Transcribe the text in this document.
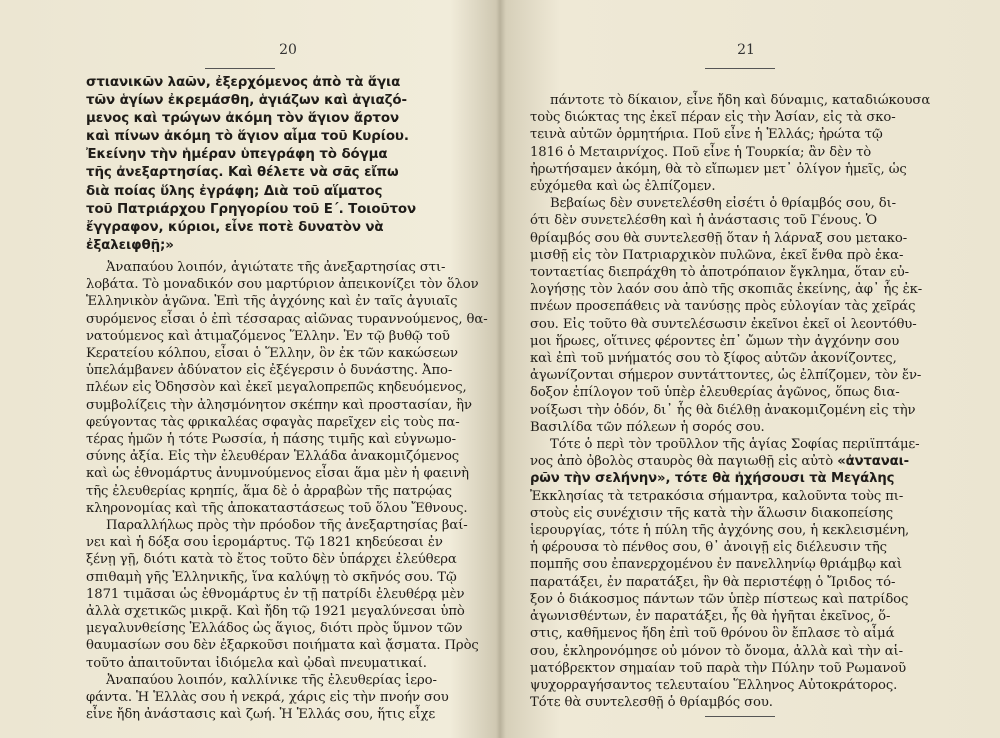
20
στιανικῶν λαῶν, ἐξερχόμενος ἀπὸ τὰ ἅγια
τῶν ἁγίων ἐκρεμάσθη, ἁγιάζων καὶ ἁγιαζό-
μενος καὶ τρώγων ἀκόμη τὸν ἅγιον ἄρτον
καὶ πίνων ἀκόμη τὸ ἅγιον αἷμα τοῦ Κυρίου.
Ἐκείνην τὴν ἡμέραν ὑπεγράφη τὸ δόγμα
τῆς ἀνεξαρτησίας. Καὶ θέλετε νὰ σᾶς εἴπω
διὰ ποίας ὕλης ἐγράφη; Διὰ τοῦ αἵματος
τοῦ Πατριάρχου Γρηγορίου τοῦ Ε΄. Τοιοῦτον
ἔγγραφον, κύριοι, εἶνε ποτὲ δυνατὸν νὰ
ἐξαλειφθῇ;»
Ἀναπαύου λοιπόν, ἁγιώτατε τῆς ἀνεξαρτησίας στι-
λοβάτα. Τὸ μοναδικόν σου μαρτύριον ἀπεικονίζει τὸν ὅλον
Ἑλληνικὸν ἀγῶνα. Ἐπὶ τῆς ἀγχόνης καὶ ἐν ταῖς ἀγυιαῖς
συρόμενος εἶσαι ὁ ἐπὶ τέσσαρας αἰῶνας τυραννούμενος, θα-
νατούμενος καὶ ἀτιμαζόμενος Ἕλλην. Ἐν τῷ βυθῷ τοῦ
Κερατείου κόλπου, εἶσαι ὁ Ἕλλην, ὃν ἐκ τῶν κακώσεων
ὑπελάμβανεν ἀδύνατον εἰς ἐξέγερσιν ὁ δυνάστης. Ἀπο-
πλέων εἰς Ὀδησσὸν καὶ ἐκεῖ μεγαλοπρεπῶς κηδευόμενος,
συμβολίζεις τὴν ἀλησμόνητον σκέπην καὶ προστασίαν, ἣν
φεύγοντας τὰς φρικαλέας σφαγὰς παρεῖχεν εἰς τοὺς πα-
τέρας ἡμῶν ἡ τότε Ρωσσία, ἡ πάσης τιμῆς καὶ εὐγνωμο-
σύνης ἀξία. Εἰς τὴν ἐλευθέραν Ἑλλάδα ἀνακομιζόμενος
καὶ ὡς ἐθνομάρτυς ἀνυμνούμενος εἶσαι ἅμα μὲν ἡ φαεινὴ
τῆς ἐλευθερίας κρηπίς, ἅμα δὲ ὁ ἀρραβὼν τῆς πατρῴας
κληρονομίας καὶ τῆς ἀποκαταστάσεως τοῦ ὅλου Ἔθνους.
Παραλλήλως πρὸς τὴν πρόοδον τῆς ἀνεξαρτησίας βαί-
νει καὶ ἡ δόξα σου ἱερομάρτυς. Τῷ 1821 κηδεύεσαι ἐν
ξένῃ γῇ, διότι κατὰ τὸ ἔτος τοῦτο δὲν ὑπάρχει ἐλεύθερα
σπιθαμὴ γῆς Ἑλληνικῆς, ἵνα καλύψῃ τὸ σκῆνός σου. Τῷ
1871 τιμᾶσαι ὡς ἐθνομάρτυς ἐν τῇ πατρίδι ἐλευθέρᾳ μὲν
ἀλλὰ σχετικῶς μικρᾷ. Καὶ ἤδη τῷ 1921 μεγαλύνεσαι ὑπὸ
μεγαλυνθείσης Ἑλλάδος ὡς ἅγιος, διότι πρὸς ὕμνον τῶν
θαυμασίων σου δὲν ἐξαρκοῦσι ποιήματα καὶ ᾄσματα. Πρὸς
τοῦτο ἀπαιτοῦνται ἰδιόμελα καὶ ᾠδαὶ πνευματικαί.
Ἀναπαύου λοιπόν, καλλίνικε τῆς ἐλευθερίας ἱερο-
φάντα. Ἡ Ἑλλὰς σου ἡ νεκρά, χάρις εἰς τὴν πνοήν σου
εἶνε ἤδη ἀνάστασις καὶ ζωή. Ἡ Ἑλλάς σου, ἥτις εἶχε
21
πάντοτε τὸ δίκαιον, εἶνε ἤδη καὶ δύναμις, καταδιώκουσα
τοὺς διώκτας της ἐκεῖ πέραν εἰς τὴν Ἀσίαν, εἰς τὰ σκο-
τεινὰ αὐτῶν ὁρμητήρια. Ποῦ εἶνε ἡ Ἑλλάς; ἠρώτα τῷ
1816 ὁ Μεταιρνίχος. Ποῦ εἶνε ἡ Τουρκία; ἂν δὲν τὸ
ἠρωτήσαμεν ἀκόμη, θὰ τὸ εἴπωμεν μετ᾽ ὀλίγον ἡμεῖς, ὡς
εὐχόμεθα καὶ ὡς ἐλπίζομεν.
Βεβαίως δὲν συνετελέσθη εἰσέτι ὁ θρίαμβός σου, δι-
ότι δὲν συνετελέσθη καὶ ἡ ἀνάστασις τοῦ Γένους. Ὁ
θρίαμβός σου θὰ συντελεσθῇ ὅταν ἡ λάρναξ σου μετακο-
μισθῇ εἰς τὸν Πατριαρχικὸν πυλῶνα, ἐκεῖ ἔνθα πρὸ ἑκα-
τονταετίας διεπράχθη τὸ ἀποτρόπαιον ἔγκλημα, ὅταν εὐ-
λογήσῃς τὸν λαόν σου ἀπὸ τῆς σκοπιᾶς ἐκείνης, ἀφ᾽ ἧς ἐκ-
πνέων προσεπάθεις νὰ τανύσῃς πρὸς εὐλογίαν τὰς χεῖράς
σου. Εἰς τοῦτο θὰ συντελέσωσιν ἐκεῖνοι ἐκεῖ οἱ λεοντόθυ-
μοι ἥρωες, οἵτινες φέροντες ἐπ᾽ ὤμων τὴν ἀγχόνην σου
καὶ ἐπὶ τοῦ μνήματός σου τὸ ξίφος αὐτῶν ἀκονίζοντες,
ἀγωνίζονται σήμερον συντάττοντες, ὡς ἐλπίζομεν, τὸν ἔν-
δοξον ἐπίλογον τοῦ ὑπὲρ ἐλευθερίας ἀγῶνος, ὅπως δια-
νοίξωσι τὴν ὁδόν, δι᾽ ἧς θὰ διέλθῃ ἀνακομιζομένη εἰς τὴν
Βασιλίδα τῶν πόλεων ἡ σορός σου.
Τότε ὁ περὶ τὸν τροῦλλον τῆς ἁγίας Σοφίας περιϊπτάμε-
νος ἀπὸ ὀβολὸς σταυρὸς θὰ παγιωθῇ εἰς αὐτὸ «ἀνταναι-
ρῶν τὴν σελήνην», τότε θὰ ἠχήσουσι τὰ Μεγάλης
Ἐκκλησίας τὰ τετρακόσια σήμαντρα, καλοῦντα τοὺς πι-
στοὺς εἰς συνέχισιν τῆς κατὰ τὴν ἅλωσιν διακοπείσης
ἱερουργίας, τότε ἡ πύλη τῆς ἀγχόνης σου, ἡ κεκλεισμένη,
ἡ φέρουσα τὸ πένθος σου, θ᾽ ἀνοιγῇ εἰς διέλευσιν τῆς
πομπῆς σου ἐπανερχομένου ἐν πανελληνίῳ θριάμβῳ καὶ
παρατάξει, ἐν παρατάξει, ἣν θὰ περιστέφῃ ὁ Ἴριδος τό-
ξον ὁ διάκοσμος πάντων τῶν ὑπὲρ πίστεως καὶ πατρίδος
ἀγωνισθέντων, ἐν παρατάξει, ἧς θὰ ἡγῆται ἐκεῖνος, ὅ-
στις, καθῆμενος ἤδη ἐπὶ τοῦ θρόνου ὃν ἔπλασε τὸ αἷμά
σου, ἐκληρονόμησε οὐ μόνον τὸ ὄνομα, ἀλλὰ καὶ τὴν αἱ-
ματόβρεκτον σημαίαν τοῦ παρὰ τὴν Πύλην τοῦ Ρωμανοῦ
ψυχορραγήσαντος τελευταίου Ἕλληνος Αὐτοκράτορος.
Τότε θὰ συντελεσθῇ ὁ θρίαμβός σου.
